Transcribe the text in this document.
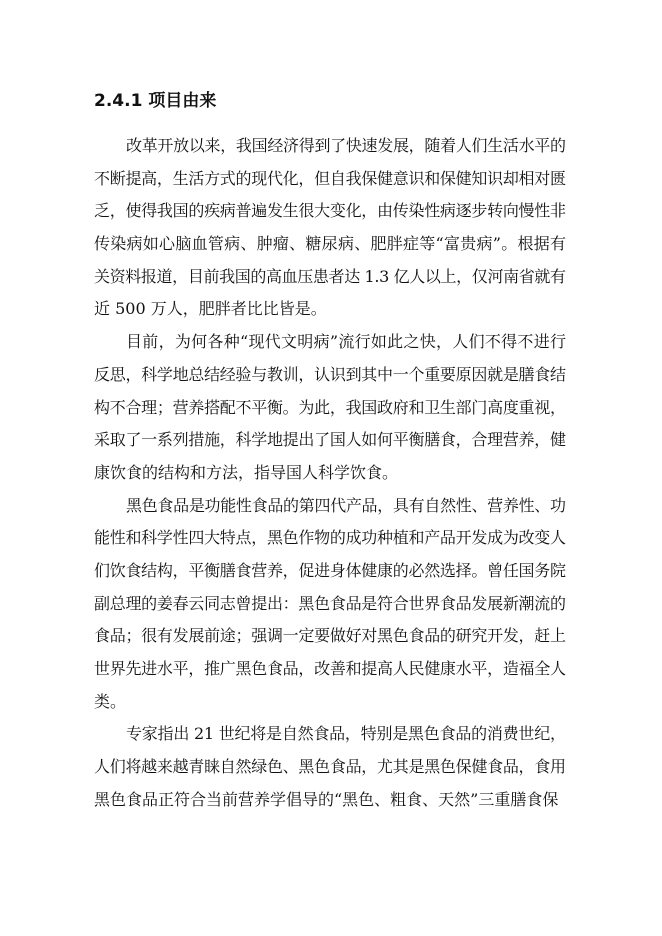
2.4.1 项目由来
改革开放以来，我国经济得到了快速发展，随着人们生活水平的
不断提高，生活方式的现代化，但自我保健意识和保健知识却相对匮
乏，使得我国的疾病普遍发生很大变化，由传染性病逐步转向慢性非
传染病如心脑血管病、肿瘤、糖尿病、肥胖症等“富贵病”。根据有
关资料报道，目前我国的高血压患者达 1.3 亿人以上，仅河南省就有
近 500 万人，肥胖者比比皆是。
目前，为何各种“现代文明病”流行如此之快，人们不得不进行
反思，科学地总结经验与教训，认识到其中一个重要原因就是膳食结
构不合理；营养搭配不平衡。为此，我国政府和卫生部门高度重视，
采取了一系列措施，科学地提出了国人如何平衡膳食，合理营养，健
康饮食的结构和方法，指导国人科学饮食。
黑色食品是功能性食品的第四代产品，具有自然性、营养性、功
能性和科学性四大特点，黑色作物的成功种植和产品开发成为改变人
们饮食结构，平衡膳食营养，促进身体健康的必然选择。曾任国务院
副总理的姜春云同志曾提出：黑色食品是符合世界食品发展新潮流的
食品；很有发展前途；强调一定要做好对黑色食品的研究开发，赶上
世界先进水平，推广黑色食品，改善和提高人民健康水平，造福全人
类。
专家指出 21 世纪将是自然食品，特别是黑色食品的消费世纪，
人们将越来越青睐自然绿色、黑色食品，尤其是黑色保健食品，食用
黑色食品正符合当前营养学倡导的“黑色、粗食、天然”三重膳食保
